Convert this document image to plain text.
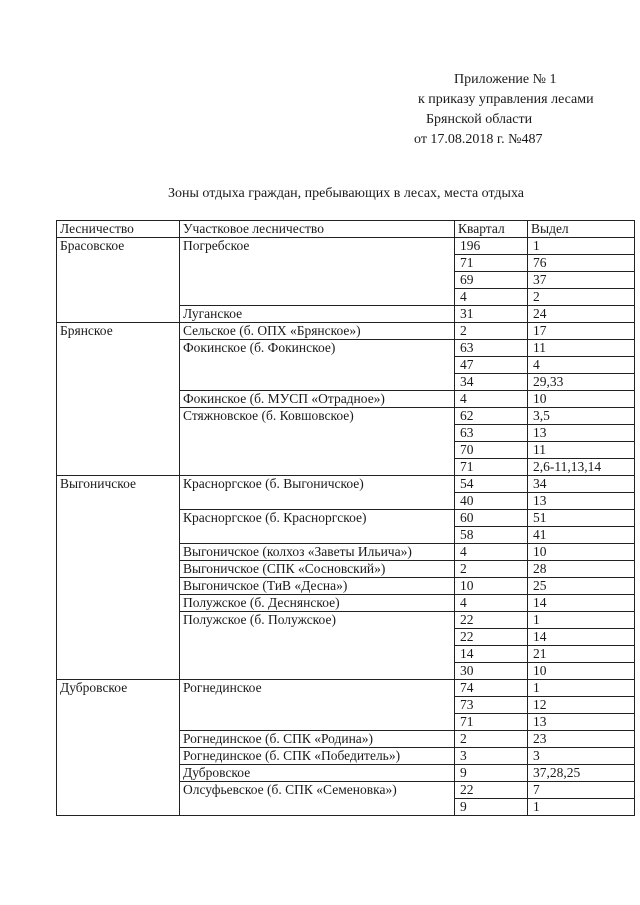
Приложение № 1
к приказу управления лесами
Брянской области
от 17.08.2018 г. №487
Зоны отдыха граждан, пребывающих в лесах, места отдыха
Лесничество	Участковое лесничество	Квартал	Выдел
Брасовское	Погребское	196	1
		71	76
		69	37
		4	2
	Луганское	31	24
Брянское	Сельское (б. ОПХ «Брянское»)	2	17
	Фокинское (б. Фокинское)	63	11
		47	4
		34	29,33
	Фокинское (б. МУСП «Отрадное»)	4	10
	Стяжновское (б. Ковшовское)	62	3,5
		63	13
		70	11
		71	2,6-11,13,14
Выгоничское	Красноргское (б. Выгоничское)	54	34
		40	13
	Красноргское (б. Красноргское)	60	51
		58	41
	Выгоничское (колхоз «Заветы Ильича»)	4	10
	Выгоничское (СПК «Сосновский»)	2	28
	Выгоничское (ТиВ «Десна»)	10	25
	Полужское (б. Деснянское)	4	14
	Полужское (б. Полужское)	22	1
		22	14
		14	21
		30	10
Дубровское	Рогнединское	74	1
		73	12
		71	13
	Рогнединское (б. СПК «Родина»)	2	23
	Рогнединское (б. СПК «Победитель»)	3	3
	Дубровское	9	37,28,25
	Олсуфьевское (б. СПК «Семеновка»)	22	7
		9	1
